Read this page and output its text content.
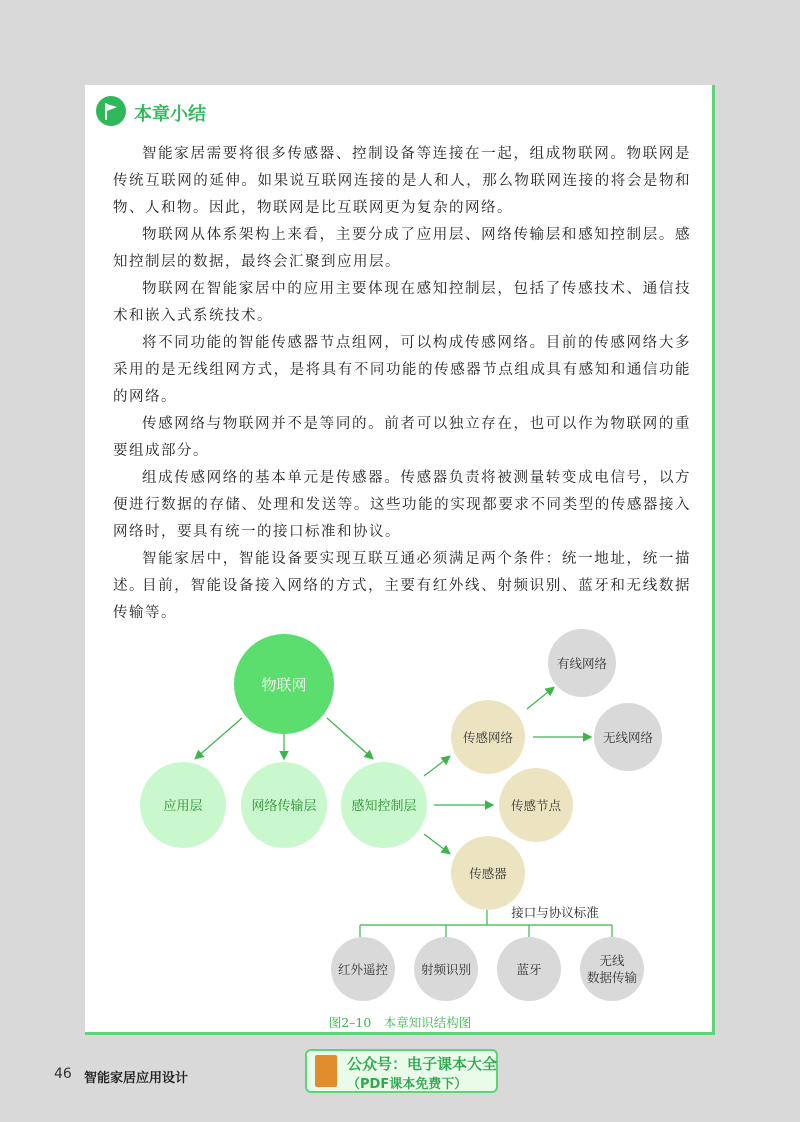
本章小结

智能家居需要将很多传感器、控制设备等连接在一起，组成物联网。物联网是传统互联网的延伸。如果说互联网连接的是人和人，那么物联网连接的将会是物和物、人和物。因此，物联网是比互联网更为复杂的网络。

物联网从体系架构上来看，主要分成了应用层、网络传输层和感知控制层。感知控制层的数据，最终会汇聚到应用层。

物联网在智能家居中的应用主要体现在感知控制层，包括了传感技术、通信技术和嵌入式系统技术。

将不同功能的智能传感器节点组网，可以构成传感网络。目前的传感网络大多采用的是无线组网方式，是将具有不同功能的传感器节点组成具有感知和通信功能的网络。

传感网络与物联网并不是等同的。前者可以独立存在，也可以作为物联网的重要组成部分。

组成传感网络的基本单元是传感器。传感器负责将被测量转变成电信号，以方便进行数据的存储、处理和发送等。这些功能的实现都要求不同类型的传感器接入网络时，要具有统一的接口标准和协议。

智能家居中，智能设备要实现互联互通必须满足两个条件：统一地址，统一描述。

目前，智能设备接入网络的方式，主要有红外线、射频识别、蓝牙和无线数据传输等。

物联网
应用层	网络传输层	感知控制层
传感网络
传感节点
传感器
有线网络
无线网络
接口与协议标准
红外遥控	射频识别	蓝牙
无线
数据传输
图2–10　本章知识结构图
46 智能家居应用设计
公众号：电子课本大全
（PDF课本免费下）
